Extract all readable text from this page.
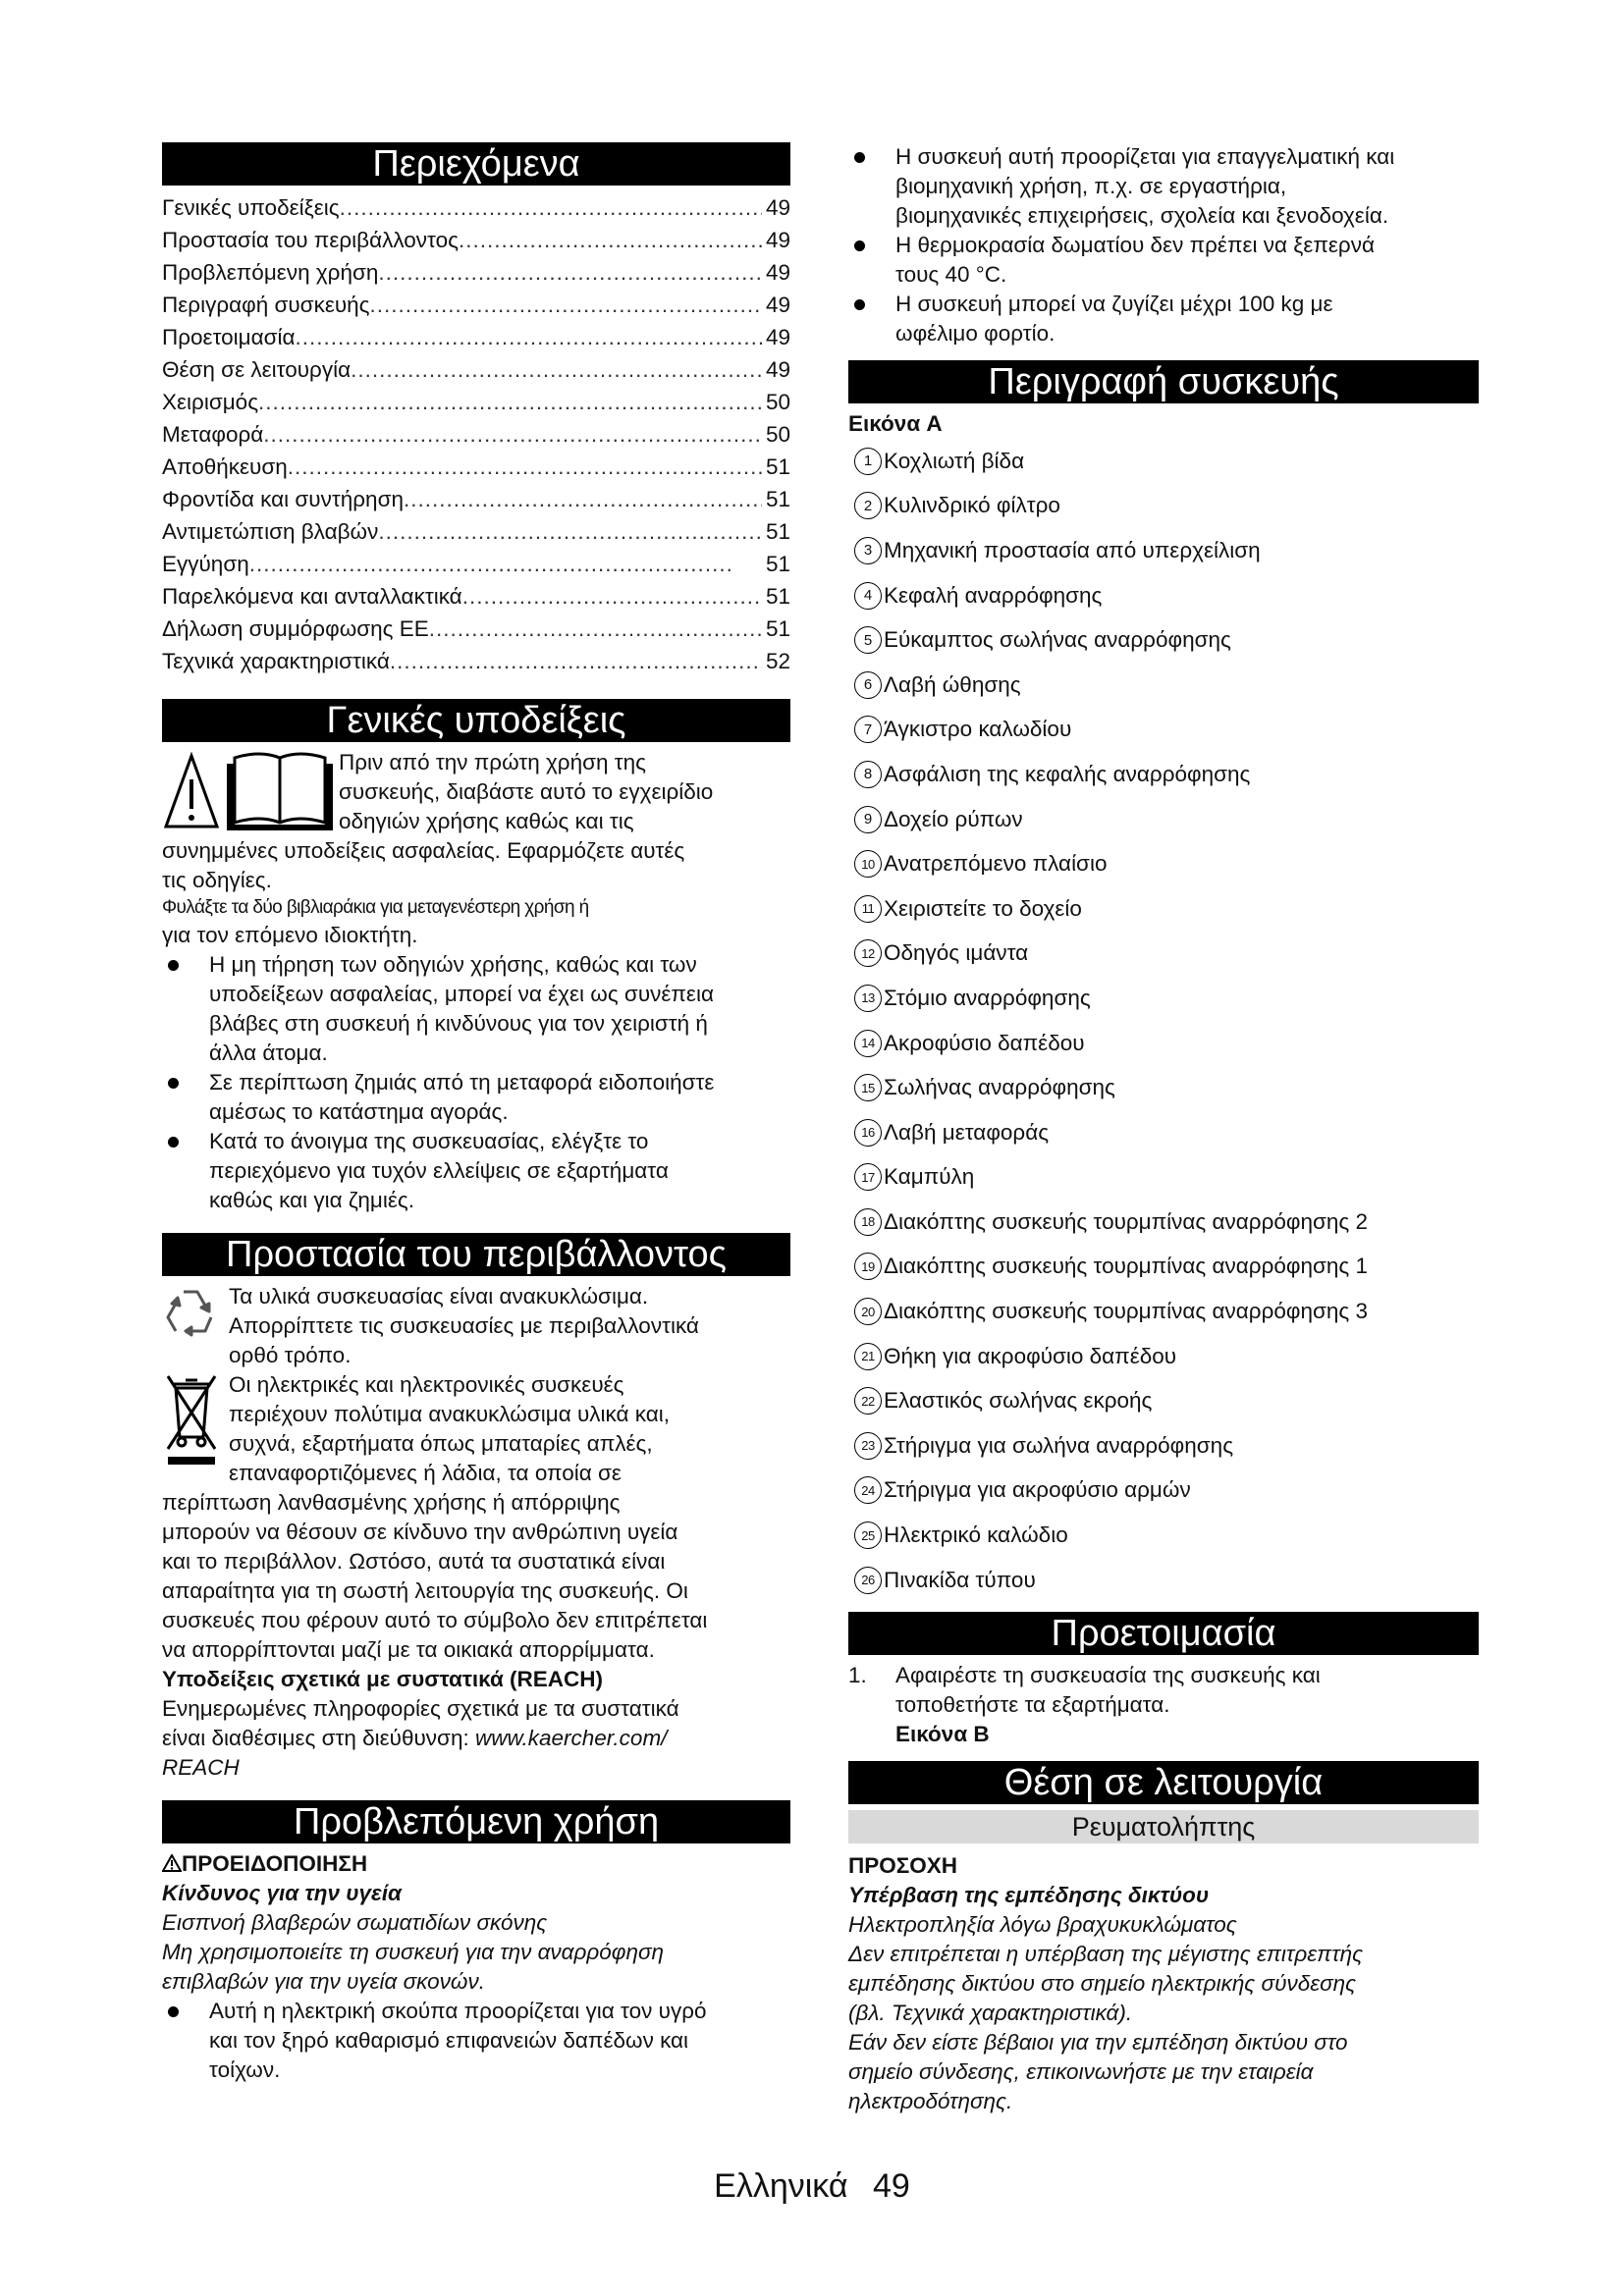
Περιεχόμενα
Γενικές υποδείξεις .....	49
Προστασία του περιβάλλοντος .....	49
Προβλεπόμενη χρήση .....	49
Περιγραφή συσκευής .....	49
Προετοιμασία .....	49
Θέση σε λειτουργία .....	49
Χειρισμός .....	50
Μεταφορά .....	50
Αποθήκευση .....	51
Φροντίδα και συντήρηση .....	51
Αντιμετώπιση βλαβών .....	51
Εγγύηση .....	51
Παρελκόμενα και ανταλλακτικά .....	51
Δήλωση συμμόρφωσης ΕΕ .....	51
Τεχνικά χαρακτηριστικά .....	52
Γενικές υποδείξεις

Πριν από την πρώτη χρήση της

συσκευής, διαβάστε αυτό το εγχειρίδιο

οδηγιών χρήσης καθώς και τις

συνημμένες υποδείξεις ασφαλείας. Εφαρμόζετε αυτές

τις οδηγίες.

Φυλάξτε τα δύο βιβλιαράκια για μεταγενέστερη χρήση ή

για τον επόμενο ιδιοκτήτη.

Η μη τήρηση των οδηγιών χρήσης, καθώς και των
υποδείξεων ασφαλείας, μπορεί να έχει ως συνέπεια
βλάβες στη συσκευή ή κινδύνους για τον χειριστή ή
άλλα άτομα.
Σε περίπτωση ζημιάς από τη μεταφορά ειδοποιήστε
αμέσως το κατάστημα αγοράς.
Κατά το άνοιγμα της συσκευασίας, ελέγξτε το
περιεχόμενο για τυχόν ελλείψεις σε εξαρτήματα
καθώς και για ζημιές.
Προστασία του περιβάλλοντος

Τα υλικά συσκευασίας είναι ανακυκλώσιμα.

Απορρίπτετε τις συσκευασίες με περιβαλλοντικά

ορθό τρόπο.

Οι ηλεκτρικές και ηλεκτρονικές συσκευές

περιέχουν πολύτιμα ανακυκλώσιμα υλικά και,

συχνά, εξαρτήματα όπως μπαταρίες απλές,

επαναφορτιζόμενες ή λάδια, τα οποία σε

περίπτωση λανθασμένης χρήσης ή απόρριψης

μπορούν να θέσουν σε κίνδυνο την ανθρώπινη υγεία

και το περιβάλλον. Ωστόσο, αυτά τα συστατικά είναι

απαραίτητα για τη σωστή λειτουργία της συσκευής. Οι

συσκευές που φέρουν αυτό το σύμβολο δεν επιτρέπεται

να απορρίπτονται μαζί με τα οικιακά απορρίμματα.

Υποδείξεις σχετικά με συστατικά (REACH)

Ενημερωμένες πληροφορίες σχετικά με τα συστατικά

είναι διαθέσιμες στη διεύθυνση: www.kaercher.com/

REACH

Προβλεπόμενη χρήση

ΠΡΟΕΙΔΟΠΟΙΗΣΗ

Κίνδυνος για την υγεία

Εισπνοή βλαβερών σωματιδίων σκόνης

Μη χρησιμοποιείτε τη συσκευή για την αναρρόφηση

επιβλαβών για την υγεία σκονών.

Αυτή η ηλεκτρική σκούπα προορίζεται για τον υγρό
και τον ξηρό καθαρισμό επιφανειών δαπέδων και
τοίχων.
Η συσκευή αυτή προορίζεται για επαγγελματική και
βιομηχανική χρήση, π.χ. σε εργαστήρια,
βιομηχανικές επιχειρήσεις, σχολεία και ξενοδοχεία.
Η θερμοκρασία δωματίου δεν πρέπει να ξεπερνά
τους 40 °C.
Η συσκευή μπορεί να ζυγίζει μέχρι 100 kg με
ωφέλιμο φορτίο.
Περιγραφή συσκευής

Εικόνα A

1 Κοχλιωτή βίδα
2 Κυλινδρικό φίλτρο
3 Μηχανική προστασία από υπερχείλιση
4 Κεφαλή αναρρόφησης
5 Εύκαμπτος σωλήνας αναρρόφησης
6 Λαβή ώθησης
7 Άγκιστρο καλωδίου
8 Ασφάλιση της κεφαλής αναρρόφησης
9 Δοχείο ρύπων
10 Ανατρεπόμενο πλαίσιο
11 Χειριστείτε το δοχείο
12 Οδηγός ιμάντα
13 Στόμιο αναρρόφησης
14 Ακροφύσιο δαπέδου
15 Σωλήνας αναρρόφησης
16 Λαβή μεταφοράς
17 Καμπύλη
18 Διακόπτης συσκευής τουρμπίνας αναρρόφησης 2
19 Διακόπτης συσκευής τουρμπίνας αναρρόφησης 1
20 Διακόπτης συσκευής τουρμπίνας αναρρόφησης 3
21 Θήκη για ακροφύσιο δαπέδου
22 Ελαστικός σωλήνας εκροής
23 Στήριγμα για σωλήνα αναρρόφησης
24 Στήριγμα για ακροφύσιο αρμών
25 Ηλεκτρικό καλώδιο
26 Πινακίδα τύπου
Προετοιμασία
1. Αφαιρέστε τη συσκευασία της συσκευής και

τοποθετήστε τα εξαρτήματα.

Εικόνα B

Θέση σε λειτουργία
Ρευματολήπτης

ΠΡΟΣΟΧΗ

Υπέρβαση της εμπέδησης δικτύου

Ηλεκτροπληξία λόγω βραχυκυκλώματος

Δεν επιτρέπεται η υπέρβαση της μέγιστης επιτρεπτής

εμπέδησης δικτύου στο σημείο ηλεκτρικής σύνδεσης

(βλ. Τεχνικά χαρακτηριστικά).

Εάν δεν είστε βέβαιοι για την εμπέδηση δικτύου στο

σημείο σύνδεσης, επικοινωνήστε με την εταιρεία

ηλεκτροδότησης.

Ελληνικά 49
